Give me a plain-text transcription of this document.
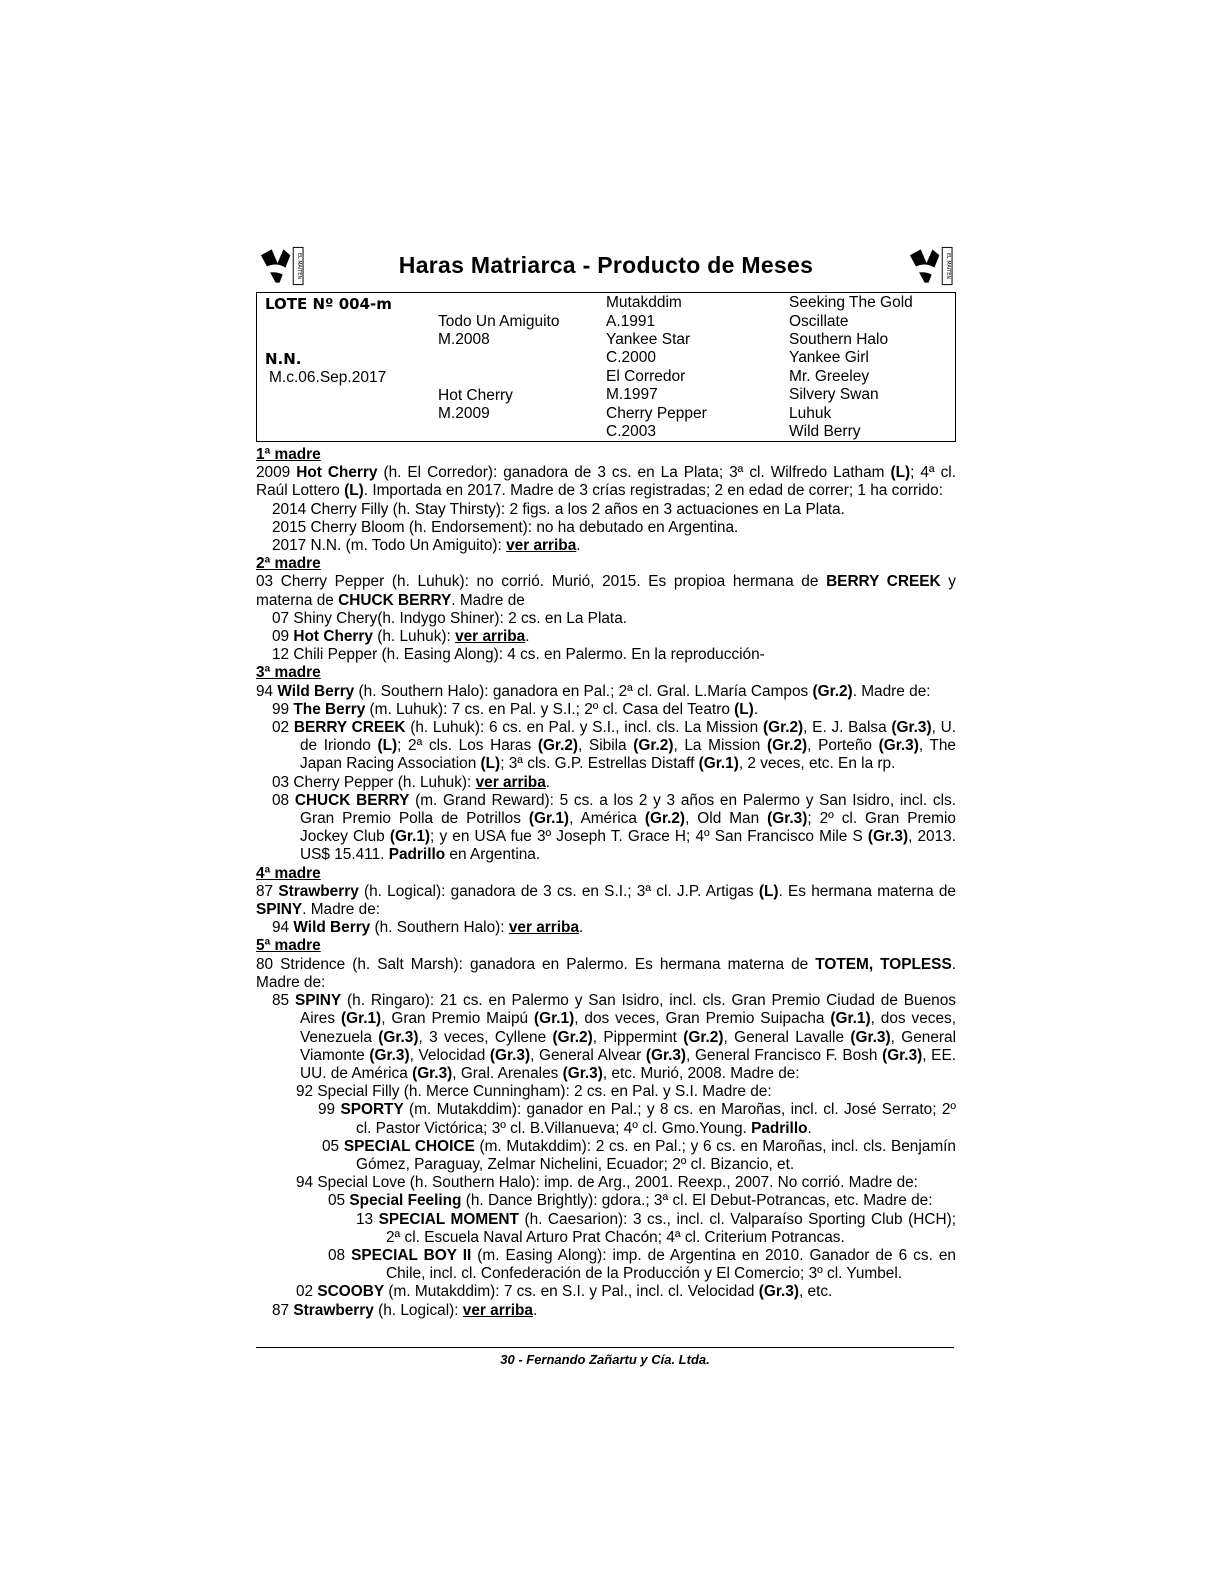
EL MAITEN	Haras Matriarca - Producto de Meses	EL MAITEN
LOTE Nº 004-m
N.N.
M.c.06.Sep.2017
Todo Un Amiguito
M.2008
Hot Cherry
M.2009
Mutakddim
A.1991
Yankee Star
C.2000
El Corredor
M.1997
Cherry Pepper
C.2003
Seeking The Gold
Oscillate
Southern Halo
Yankee Girl
Mr. Greeley
Silvery Swan
Luhuk
Wild Berry

1ª madre

2009 Hot Cherry (h. El Corredor): ganadora de 3 cs. en La Plata; 3ª cl. Wilfredo Latham (L); 4ª cl. Raúl Lottero (L). Importada en 2017. Madre de 3 crías registradas; 2 en edad de correr; 1 ha corrido:

2014 Cherry Filly (h. Stay Thirsty): 2 figs. a los 2 años en 3 actuaciones en La Plata.

2015 Cherry Bloom (h. Endorsement): no ha debutado en Argentina.

2017 N.N. (m. Todo Un Amiguito): ver arriba.

2ª madre

03 Cherry Pepper (h. Luhuk): no corrió. Murió, 2015. Es propioa hermana de BERRY CREEK y materna de CHUCK BERRY. Madre de

07 Shiny Chery(h. Indygo Shiner): 2 cs. en La Plata.

09 Hot Cherry (h. Luhuk): ver arriba.

12 Chili Pepper (h. Easing Along): 4 cs. en Palermo. En la reproducción-

3ª madre

94 Wild Berry (h. Southern Halo): ganadora en Pal.; 2ª cl. Gral. L.María Campos (Gr.2). Madre de:

99 The Berry (m. Luhuk): 7 cs. en Pal. y S.I.; 2º cl. Casa del Teatro (L).

02 BERRY CREEK (h. Luhuk): 6 cs. en Pal. y S.I., incl. cls. La Mission (Gr.2), E. J. Balsa (Gr.3), U. de Iriondo (L); 2ª cls. Los Haras (Gr.2), Sibila (Gr.2), La Mission (Gr.2), Porteño (Gr.3), The Japan Racing Association (L); 3ª cls. G.P. Estrellas Distaff (Gr.1), 2 veces, etc. En la rp.

03 Cherry Pepper (h. Luhuk): ver arriba.

08 CHUCK BERRY (m. Grand Reward): 5 cs. a los 2 y 3 años en Palermo y San Isidro, incl. cls. Gran Premio Polla de Potrillos (Gr.1), América (Gr.2), Old Man (Gr.3); 2º cl. Gran Premio Jockey Club (Gr.1); y en USA fue 3º Joseph T. Grace H; 4º San Francisco Mile S (Gr.3), 2013. US$ 15.411. Padrillo en Argentina.

4ª madre

87 Strawberry (h. Logical): ganadora de 3 cs. en S.I.; 3ª cl. J.P. Artigas (L). Es hermana materna de SPINY. Madre de:

94 Wild Berry (h. Southern Halo): ver arriba.

5ª madre

80 Stridence (h. Salt Marsh): ganadora en Palermo. Es hermana materna de TOTEM, TOPLESS. Madre de:

85 SPINY (h. Ringaro): 21 cs. en Palermo y San Isidro, incl. cls. Gran Premio Ciudad de Buenos Aires (Gr.1), Gran Premio Maipú (Gr.1), dos veces, Gran Premio Suipacha (Gr.1), dos veces, Venezuela (Gr.3), 3 veces, Cyllene (Gr.2), Pippermint (Gr.2), General Lavalle (Gr.3), General Viamonte (Gr.3), Velocidad (Gr.3), General Alvear (Gr.3), General Francisco F. Bosh (Gr.3), EE. UU. de América (Gr.3), Gral. Arenales (Gr.3), etc. Murió, 2008. Madre de:

92 Special Filly (h. Merce Cunningham): 2 cs. en Pal. y S.I. Madre de:

99 SPORTY (m. Mutakddim): ganador en Pal.; y 8 cs. en Maroñas, incl. cl. José Serrato; 2º cl. Pastor Victórica; 3º cl. B.Villanueva; 4º cl. Gmo.Young. Padrillo.

05 SPECIAL CHOICE (m. Mutakddim): 2 cs. en Pal.; y 6 cs. en Maroñas, incl. cls. Benjamín Gómez, Paraguay, Zelmar Nichelini, Ecuador; 2º cl. Bizancio, et.

94 Special Love (h. Southern Halo): imp. de Arg., 2001. Reexp., 2007. No corrió. Madre de:

05 Special Feeling (h. Dance Brightly): gdora.; 3ª cl. El Debut-Potrancas, etc. Madre de:

13 SPECIAL MOMENT (h. Caesarion): 3 cs., incl. cl. Valparaíso Sporting Club (HCH); 2ª cl. Escuela Naval Arturo Prat Chacón; 4ª cl. Criterium Potrancas.

08 SPECIAL BOY II (m. Easing Along): imp. de Argentina en 2010. Ganador de 6 cs. en Chile, incl. cl. Confederación de la Producción y El Comercio; 3º cl. Yumbel.

02 SCOOBY (m. Mutakddim): 7 cs. en S.I. y Pal., incl. cl. Velocidad (Gr.3), etc.

87 Strawberry (h. Logical): ver arriba.

30 - Fernando Zañartu y Cía. Ltda.
